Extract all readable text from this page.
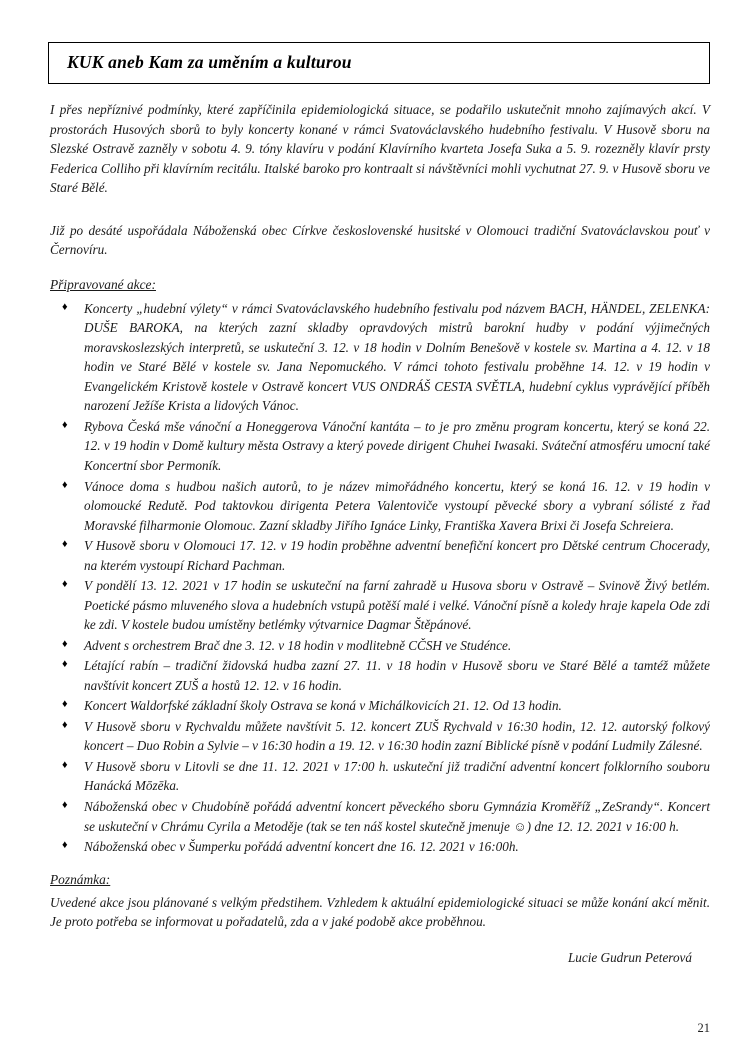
KUK aneb Kam za uměním a kulturou

I přes nepříznivé podmínky, které zapříčinila epidemiologická situace, se podařilo uskutečnit mnoho zajímavých akcí. V prostorách Husových sborů to byly koncerty konané v rámci Svatováclavského hudebního festivalu. V Husově sboru na Slezské Ostravě zazněly v sobotu 4. 9. tóny klavíru v podání Klavírního kvarteta Josefa Suka a 5. 9. rozezněly klavír prsty Federica Colliho při klavírním recitálu. Italské baroko pro kontraalt si návštěvníci mohli vychutnat 27. 9. v Husově sboru ve Staré Bělé.

Již po desáté uspořádala Náboženská obec Církve československé husitské v Olomouci tradiční Svatováclavskou pouť v Černovíru.

Připravované akce:
♦ Koncerty „hudební výlety“ v rámci Svatováclavského hudebního festivalu pod názvem BACH, HÄNDEL, ZELENKA: DUŠE BAROKA, na kterých zazní skladby opravdových mistrů barokní hudby v podání výjimečných moravskoslezských interpretů, se uskuteční 3. 12. v 18 hodin v Dolním Benešově v kostele sv. Martina a 4. 12. v 18 hodin ve Staré Bělé v kostele sv. Jana Nepomuckého. V rámci tohoto festivalu proběhne 14. 12. v 19 hodin v Evangelickém Kristově kostele v Ostravě koncert VUS ONDRÁŠ CESTA SVĚTLA, hudební cyklus vyprávějící příběh narození Ježíše Krista a lidových Vánoc.
♦ Rybova Česká mše vánoční a Honeggerova Vánoční kantáta – to je pro změnu program koncertu, který se koná 22. 12. v 19 hodin v Domě kultury města Ostravy a který povede dirigent Chuhei Iwasaki. Sváteční atmosféru umocní také Koncertní sbor Permoník.
♦ Vánoce doma s hudbou našich autorů, to je název mimořádného koncertu, který se koná 16. 12. v 19 hodin v olomoucké Redutě. Pod taktovkou dirigenta Petera Valentoviče vystoupí pěvecké sbory a vybraní sólisté z řad Moravské filharmonie Olomouc. Zazní skladby Jiřího Ignáce Linky, Františka Xavera Brixi či Josefa Schreiera.
♦ V Husově sboru v Olomouci 17. 12. v 19 hodin proběhne adventní benefiční koncert pro Dětské centrum Chocerady, na kterém vystoupí Richard Pachman.
♦ V pondělí 13. 12. 2021 v 17 hodin se uskuteční na farní zahradě u Husova sboru v Ostravě – Svinově Živý betlém. Poetické pásmo mluveného slova a hudebních vstupů potěší malé i velké. Vánoční písně a koledy hraje kapela Ode zdi ke zdi. V kostele budou umístěny betlémky výtvarnice Dagmar Štěpánové.
♦ Advent s orchestrem Brač dne 3. 12. v 18 hodin v modlitebně CČSH ve Studénce.
♦ Létající rabín – tradiční židovská hudba zazní 27. 11. v 18 hodin v Husově sboru ve Staré Bělé a tamtéž můžete navštívit koncert ZUŠ a hostů 12. 12. v 16 hodin.
♦ Koncert Waldorfské základní školy Ostrava se koná v Michálkovicích 21. 12. Od 13 hodin.
♦ V Husově sboru v Rychvaldu můžete navštívit 5. 12. koncert ZUŠ Rychvald v 16:30 hodin, 12. 12. autorský folkový koncert – Duo Robin a Sylvie – v 16:30 hodin a 19. 12. v 16:30 hodin zazní Biblické písně v podání Ludmily Zálesné.
♦ V Husově sboru v Litovli se dne 11. 12. 2021 v 17:00 h. uskuteční již tradiční adventní koncert folklorního souboru Hanácká Mōzēka.
♦ Náboženská obec v Chudobíně pořádá adventní koncert pěveckého sboru Gymnázia Kroměříž „ZeSrandy“. Koncert se uskuteční v Chrámu Cyrila a Metoděje (tak se ten náš kostel skutečně jmenuje ☺) dne 12. 12. 2021 v 16:00 h.
♦ Náboženská obec v Šumperku pořádá adventní koncert dne 16. 12. 2021 v 16:00h.
Poznámka:

Uvedené akce jsou plánované s velkým předstihem. Vzhledem k aktuální epidemiologické situaci se může konání akcí měnit. Je proto potřeba se informovat u pořadatelů, zda a v jaké podobě akce proběhnou.

Lucie Gudrun Peterová
21
